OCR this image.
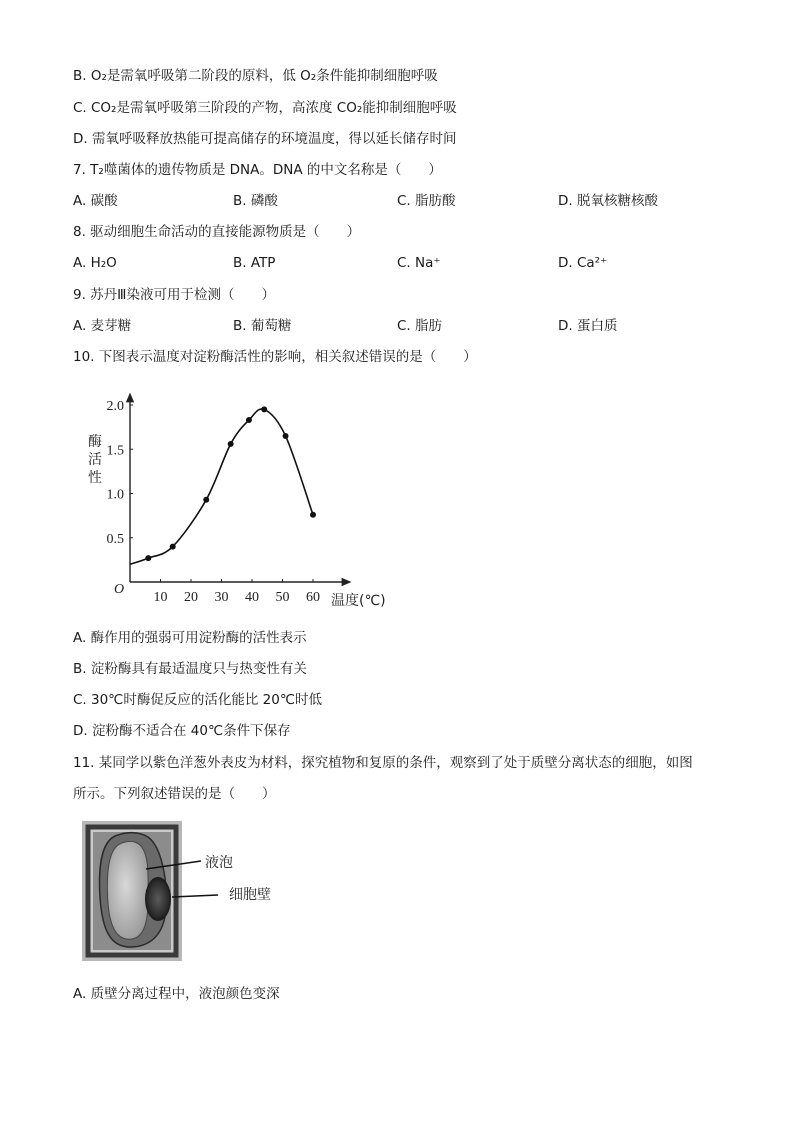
B. O₂是需氧呼吸第二阶段的原料，低 O₂条件能抑制细胞呼吸
C. CO₂是需氧呼吸第三阶段的产物，高浓度 CO₂能抑制细胞呼吸
D. 需氧呼吸释放热能可提高储存的环境温度，得以延长储存时间
7. T₂噬菌体的遗传物质是 DNA。DNA 的中文名称是（　　）
A. 碳酸	B. 磷酸	C. 脂肪酸	D. 脱氧核糖核酸
8. 驱动细胞生命活动的直接能源物质是（　　）
A. H₂O	B. ATP	C. Na⁺	D. Ca²⁺
9. 苏丹Ⅲ染液可用于检测（　　）
A. 麦芽糖	B. 葡萄糖	C. 脂肪	D. 蛋白质
10. 下图表示温度对淀粉酶活性的影响，相关叙述错误的是（　　）
0.5
1.0
1.5
2.0
10 20 30 40 50 60
O
酶 活 性
温度(℃)
A. 酶作用的强弱可用淀粉酶的活性表示
B. 淀粉酶具有最适温度只与热变性有关
C. 30℃时酶促反应的活化能比 20℃时低
D. 淀粉酶不适合在 40℃条件下保存
11. 某同学以紫色洋葱外表皮为材料，探究植物和复原的条件，观察到了处于质壁分离状态的细胞，如图
所示。下列叙述错误的是（　　）
液泡
细胞壁
A. 质壁分离过程中，液泡颜色变深
